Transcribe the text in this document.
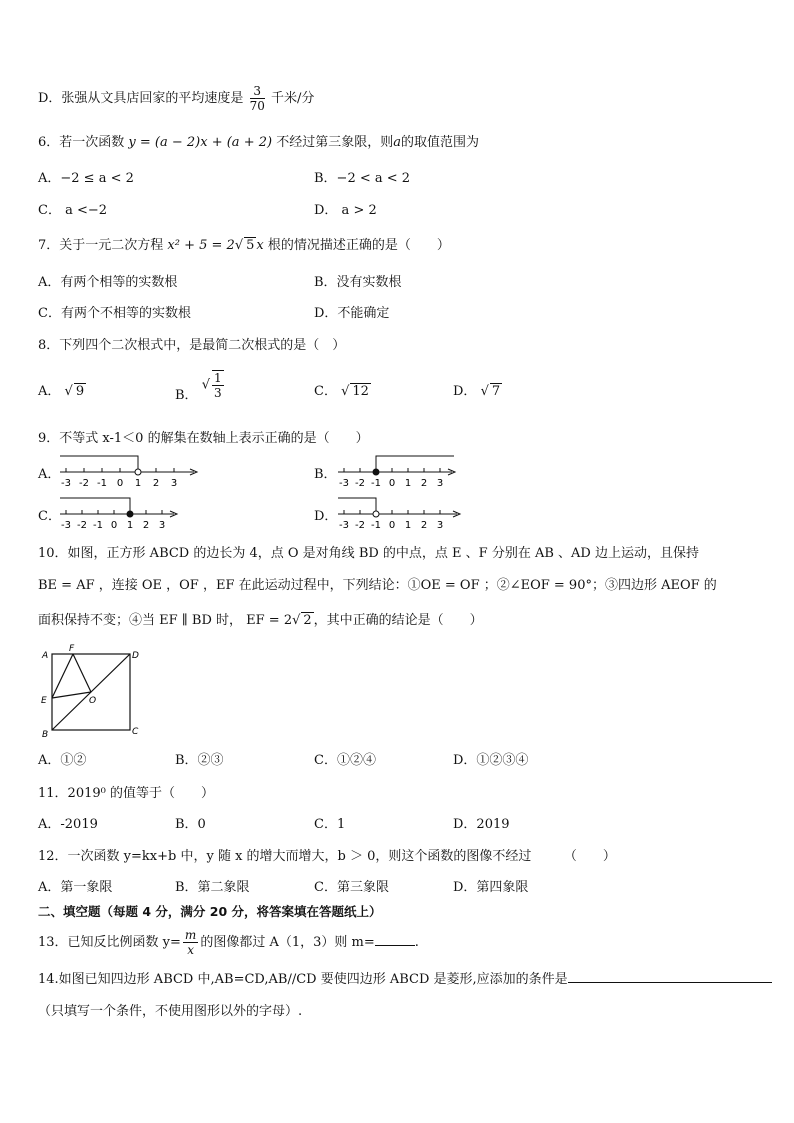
D．张强从文具店回家的平均速度是 $\frac{3}{70}$ 千米/分
6．若一次函数 y = (a − 2)x + (a + 2) 不经过第三象限，则a的取值范围为
A．−2 ≤ a < 2	B．−2 < a < 2
C． a <−2	D． a > 2
7．关于一元二次方程 x² + 5 = 2√ 5 x 根的情况描述正确的是（　　）
A．有两个相等的实数根	B．没有实数根
C．有两个不相等的实数根	D．不能确定
8．下列四个二次根式中，是最简二次根式的是（　）
A． √ 9	B． √ $\frac{1}{3}$	C． √ 12	D． √ 7
9．不等式 x-1＜0 的解集在数轴上表示正确的是（　　）
A．	B．
C．	D．
-3 -2 -1 0 1 2 3	-3 -2 -1 0 1 2 3
-3 -2 -1 0 1 2 3	-3 -2 -1 0 1 2 3
10．如图，正方形 ABCD 的边长为 4，点 O 是对角线 BD 的中点，点 E 、F 分别在 AB 、AD 边上运动，且保持
BE = AF ，连接 OE ，OF ，EF 在此运动过程中，下列结论：①OE = OF ；②∠EOF = 90°；③四边形 AEOF 的
面积保持不变；④当 EF ∥ BD 时， EF = 2√ 2 ，其中正确的结论是（　　）
A	D
F
E	O
B	C
A．①②	B．②③	C．①②④	D．①②③④
11．2019⁰ 的值等于（　　）
A．-2019	B．0	C．1	D．2019
12．一次函数 y=kx+b 中，y 随 x 的增大而增大，b ＞ 0，则这个函数的图像不经过　　　（　　）
A．第一象限	B．第二象限	C．第三象限	D．第四象限
二、填空题（每题 4 分，满分 20 分，将答案填在答题纸上）
13．已知反比例函数 $y= \frac{m}{x}$ 的图像都过 A（1，3）则 m=	.
14.如图已知四边形 ABCD 中,AB=CD,AB//CD 要使四边形 ABCD 是菱形,应添加的条件是
（只填写一个条件，不使用图形以外的字母）.
